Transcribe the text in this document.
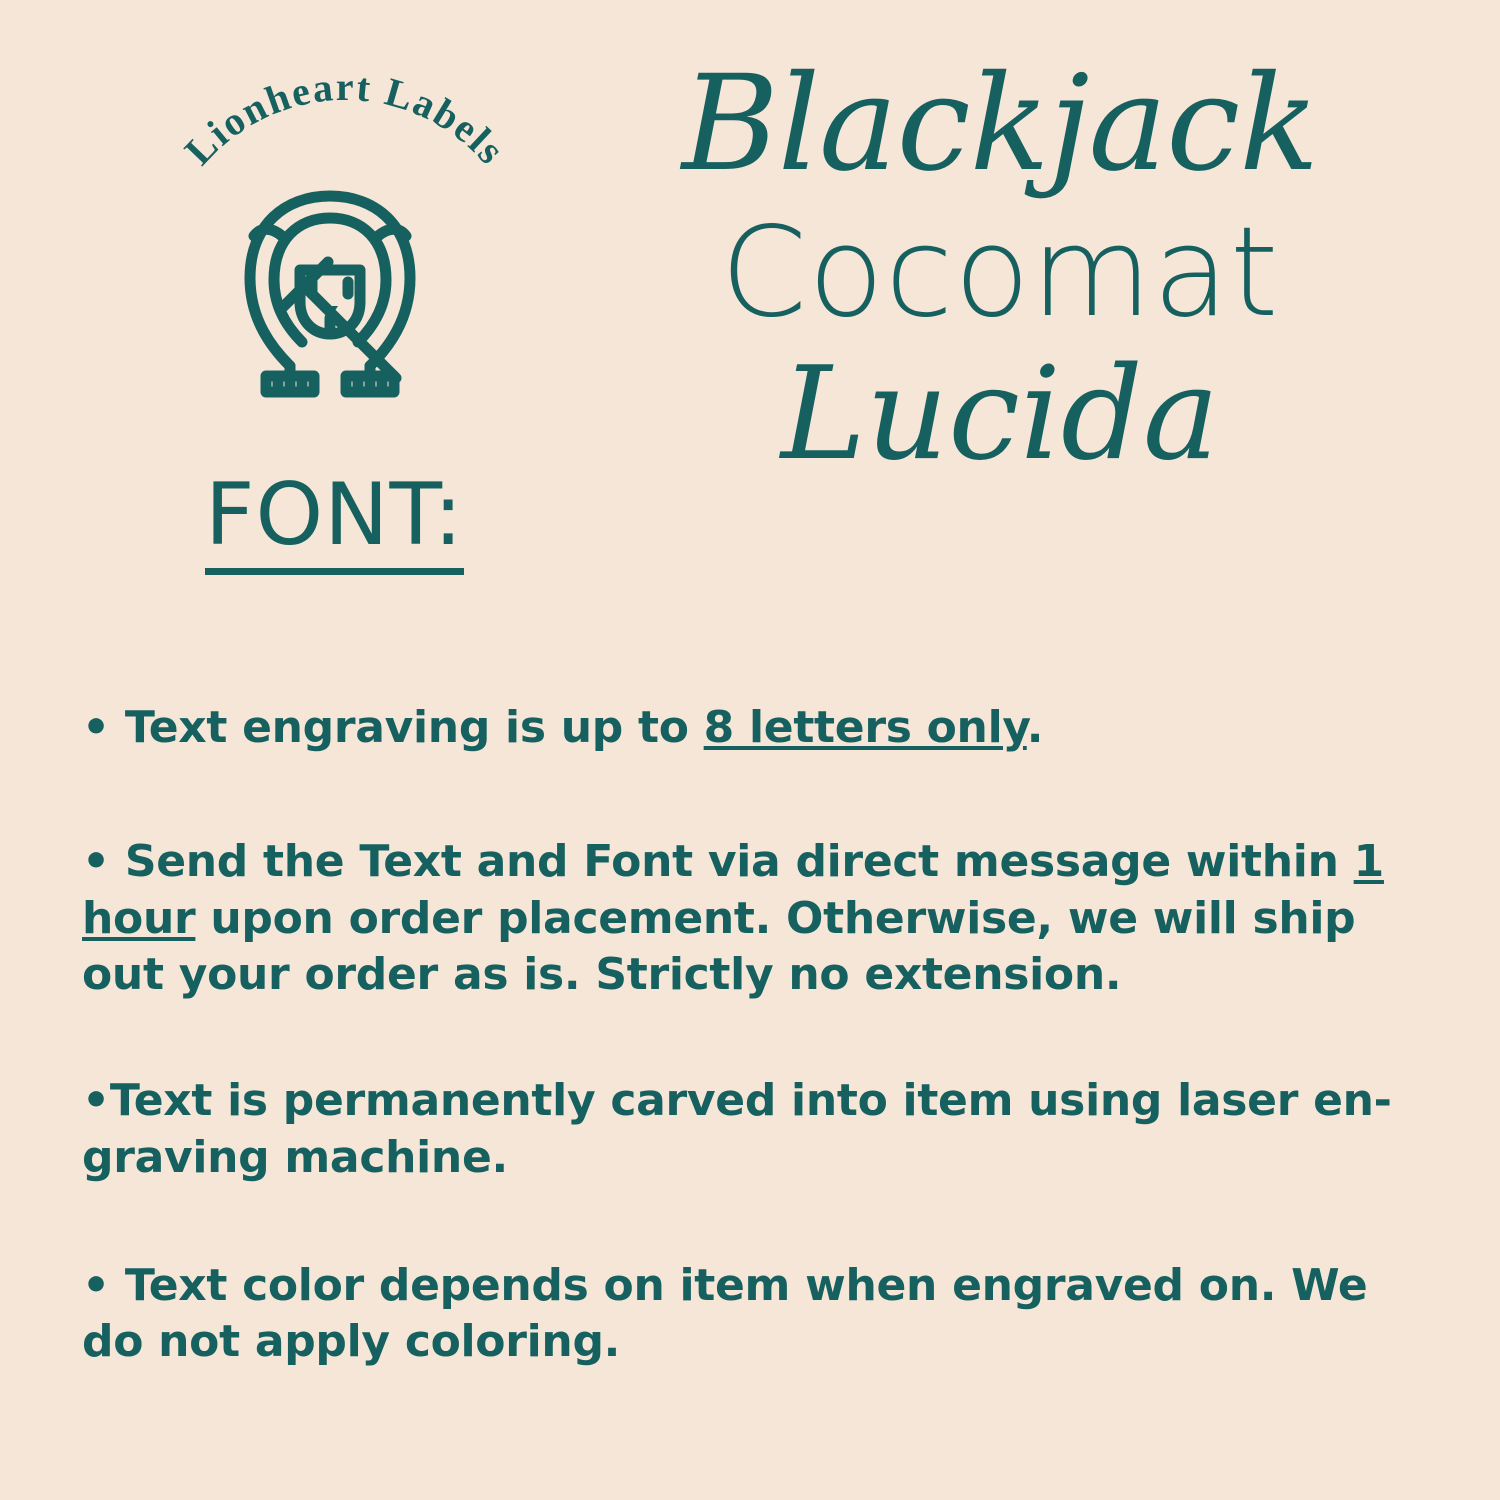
Lionheart Labels
FONT:
Blackjack
Cocomat
Lucida
• Text engraving is up to 8 letters only.
• Send the Text and Font via direct message within 1 hour upon order placement. Otherwise, we will ship out your order as is. Strictly no extension.
•Text is permanently carved into item using laser en-graving machine.
• Text color depends on item when engraved on. We do not apply coloring.
